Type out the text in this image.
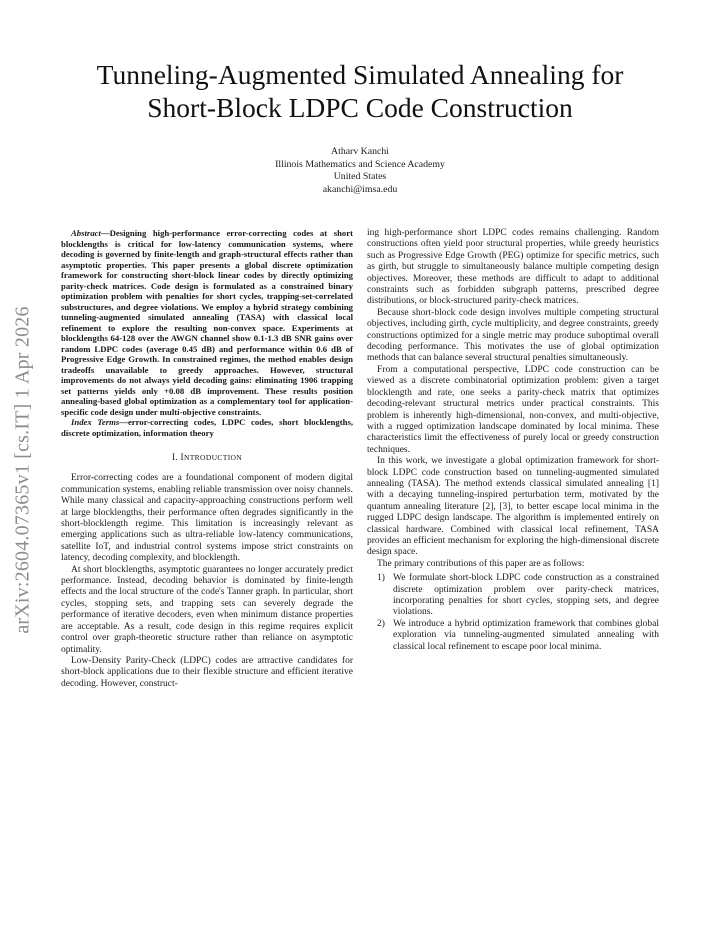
arXiv:2604.07365v1 [cs.IT] 1 Apr 2026
Tunneling-Augmented Simulated Annealing for Short-Block LDPC Code Construction
Atharv Kanchi
Illinois Mathematics and Science Academy
United States
akanchi@imsa.edu

Abstract—Designing high-performance error-correcting codes at short blocklengths is critical for low-latency communication systems, where decoding is governed by finite-length and graph-structural effects rather than asymptotic properties. This paper presents a global discrete optimization framework for constructing short-block linear codes by directly optimizing parity-check matrices. Code design is formulated as a constrained binary optimization problem with penalties for short cycles, trapping-set-correlated substructures, and degree violations. We employ a hybrid strategy combining tunneling-augmented simulated annealing (TASA) with classical local refinement to explore the resulting non-convex space. Experiments at blocklengths 64-128 over the AWGN channel show 0.1-1.3 dB SNR gains over random LDPC codes (average 0.45 dB) and performance within 0.6 dB of Progressive Edge Growth. In constrained regimes, the method enables design tradeoffs unavailable to greedy approaches. However, structural improvements do not always yield decoding gains: eliminating 1906 trapping set patterns yields only +0.08 dB improvement. These results position annealing-based global optimization as a complementary tool for application-specific code design under multi-objective constraints.

Index Terms—error-correcting codes, LDPC codes, short blocklengths, discrete optimization, information theory

I. INTRODUCTION

Error-correcting codes are a foundational component of modern digital communication systems, enabling reliable transmission over noisy channels. While many classical and capacity-approaching constructions perform well at large blocklengths, their performance often degrades significantly in the short-blocklength regime. This limitation is increasingly relevant as emerging applications such as ultra-reliable low-latency communications, satellite IoT, and industrial control systems impose strict constraints on latency, decoding complexity, and blocklength.

At short blocklengths, asymptotic guarantees no longer accurately predict performance. Instead, decoding behavior is dominated by finite-length effects and the local structure of the code's Tanner graph. In particular, short cycles, stopping sets, and trapping sets can severely degrade the performance of iterative decoders, even when minimum distance properties are acceptable. As a result, code design in this regime requires explicit control over graph-theoretic structure rather than reliance on asymptotic optimality.

Low-Density Parity-Check (LDPC) codes are attractive candidates for short-block applications due to their flexible structure and efficient iterative decoding. However, construct-

ing high-performance short LDPC codes remains challenging. Random constructions often yield poor structural properties, while greedy heuristics such as Progressive Edge Growth (PEG) optimize for specific metrics, such as girth, but struggle to simultaneously balance multiple competing design objectives. Moreover, these methods are difficult to adapt to additional constraints such as forbidden subgraph patterns, prescribed degree distributions, or block-structured parity-check matrices.

Because short-block code design involves multiple competing structural objectives, including girth, cycle multiplicity, and degree constraints, greedy constructions optimized for a single metric may produce suboptimal overall decoding performance. This motivates the use of global optimization methods that can balance several structural penalties simultaneously.

From a computational perspective, LDPC code construction can be viewed as a discrete combinatorial optimization problem: given a target blocklength and rate, one seeks a parity-check matrix that optimizes decoding-relevant structural metrics under practical constraints. This problem is inherently high-dimensional, non-convex, and multi-objective, with a rugged optimization landscape dominated by local minima. These characteristics limit the effectiveness of purely local or greedy construction techniques.

In this work, we investigate a global optimization framework for short-block LDPC code construction based on tunneling-augmented simulated annealing (TASA). The method extends classical simulated annealing [1] with a decaying tunneling-inspired perturbation term, motivated by the quantum annealing literature [2], [3], to better escape local minima in the rugged LDPC design landscape. The algorithm is implemented entirely on classical hardware. Combined with classical local refinement, TASA provides an efficient mechanism for exploring the high-dimensional discrete design space.

The primary contributions of this paper are as follows:

1) We formulate short-block LDPC code construction as a constrained discrete optimization problem over parity-check matrices, incorporating penalties for short cycles, stopping sets, and degree violations.
2) We introduce a hybrid optimization framework that combines global exploration via tunneling-augmented simulated annealing with classical local refinement to escape poor local minima.
